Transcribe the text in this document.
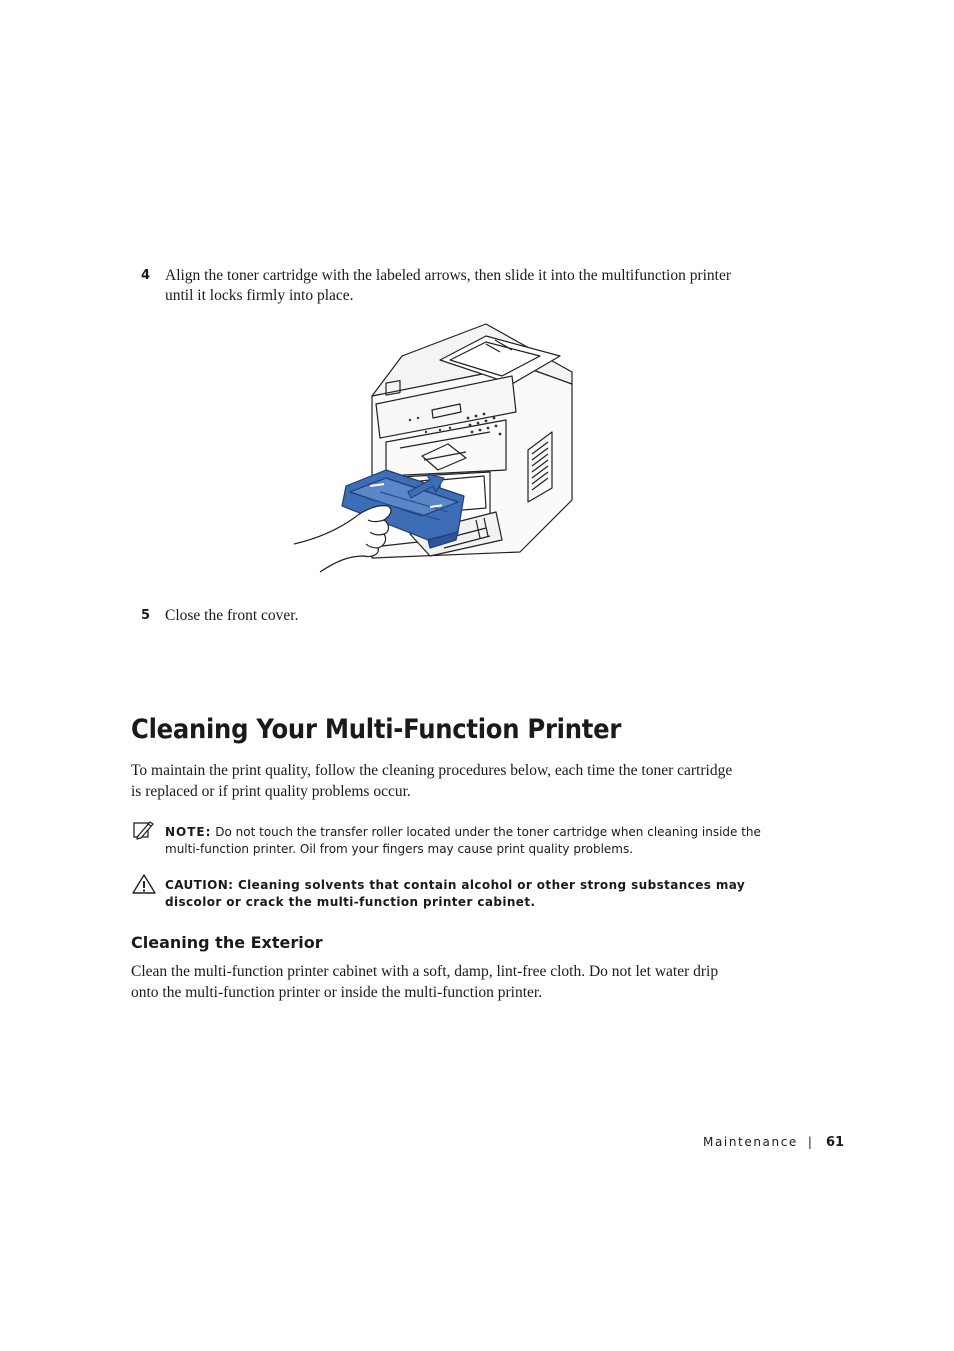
4 Align the toner cartridge with the labeled arrows, then slide it into the multifunction printer until it locks firmly into place.
5 Close the front cover.
Cleaning Your Multi-Function Printer
To maintain the print quality, follow the cleaning procedures below, each time the toner cartridge is replaced or if print quality problems occur.
NOTE: Do not touch the transfer roller located under the toner cartridge when cleaning inside the multi-function printer. Oil from your fingers may cause print quality problems.
CAUTION: Cleaning solvents that contain alcohol or other strong substances may discolor or crack the multi-function printer cabinet.
Cleaning the Exterior
Clean the multi-function printer cabinet with a soft, damp, lint-free cloth. Do not let water drip onto the multi-function printer or inside the multi-function printer.
Maintenance | 61
